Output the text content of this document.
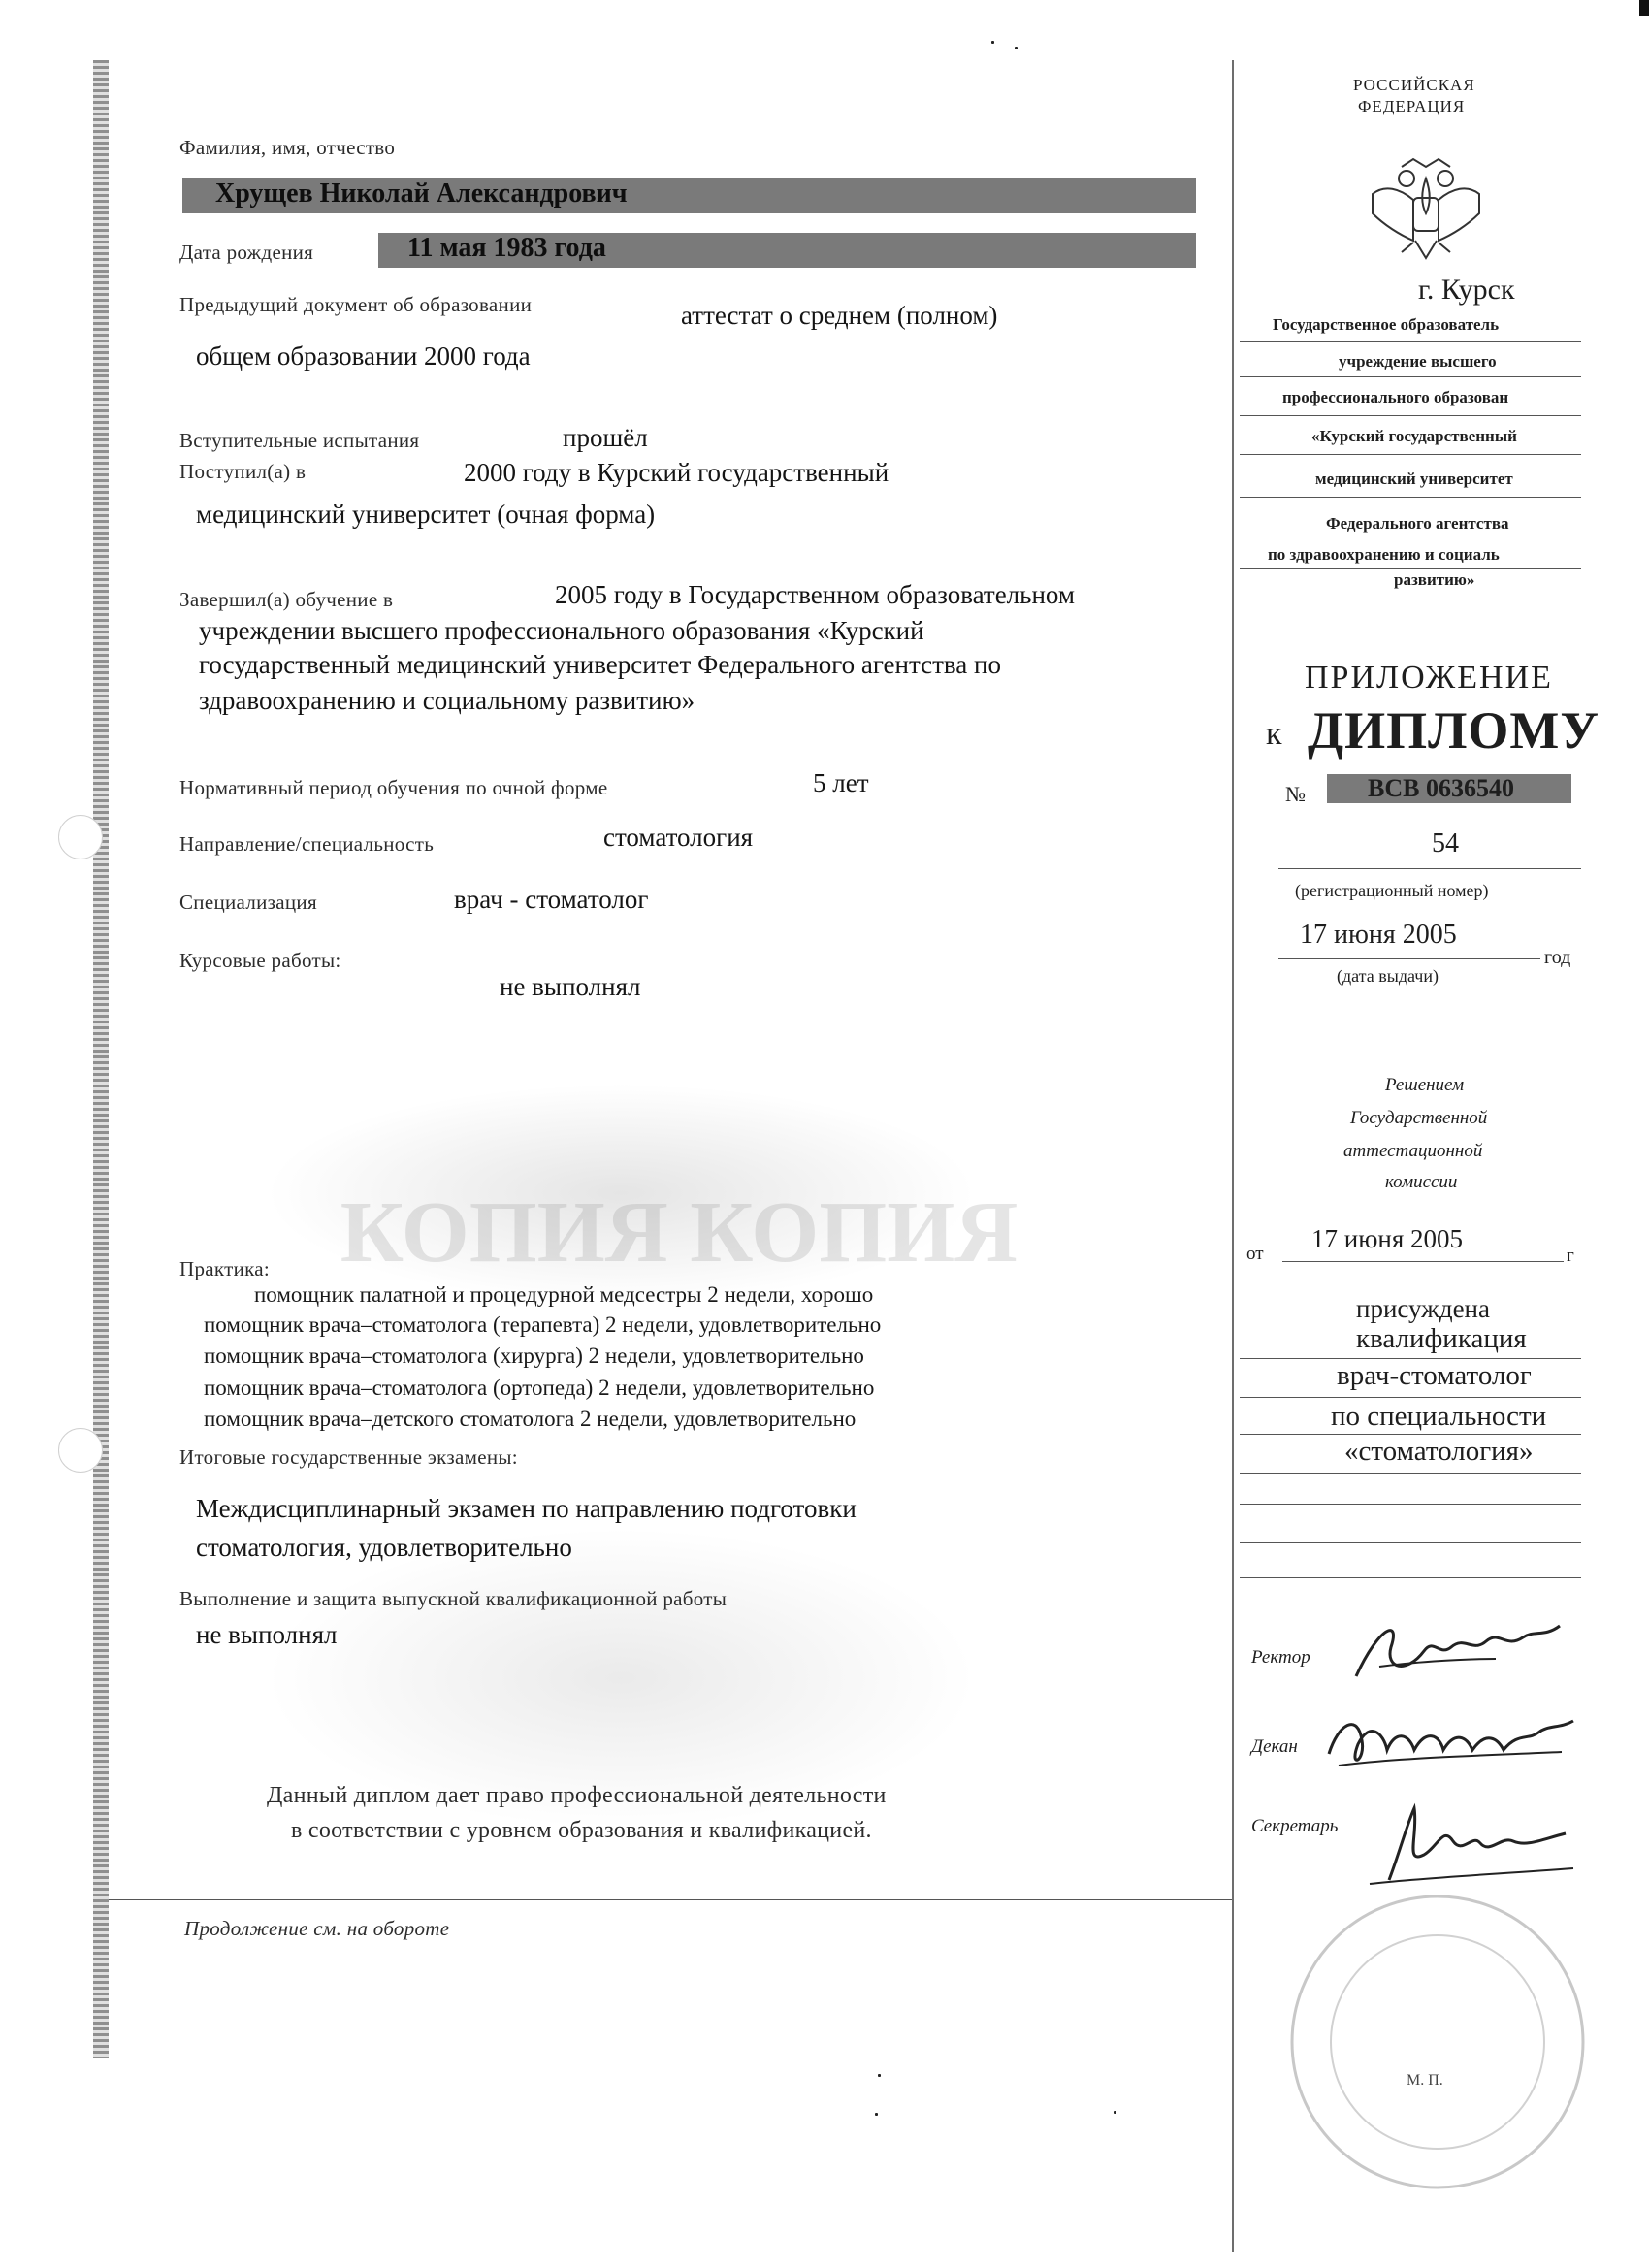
КОПИЯ КОПИЯ
Фамилия, имя, отчество
Хрущев Николай Александрович
Дата рождения	11 мая 1983 года
Предыдущий документ об образовании	аттестат о среднем (полном)
общем образовании 2000 года
Вступительные испытания	прошёл
Поступил(а) в	2000 году в Курский государственный
медицинский университет (очная форма)
Завершил(а) обучение в	2005 году в Государственном образовательном
учреждении высшего профессионального образования «Курский
государственный медицинский университет Федерального агентства по
здравоохранению и социальному развитию»
Нормативный период обучения по очной форме	5 лет
Направление/специальность	стоматология
Специализация	врач - стоматолог
Курсовые работы:
не выполнял
Практика:
помощник палатной и процедурной медсестры 2 недели, хорошо
помощник врача–стоматолога (терапевта) 2 недели, удовлетворительно
помощник врача–стоматолога (хирурга) 2 недели, удовлетворительно
помощник врача–стоматолога (ортопеда) 2 недели, удовлетворительно
помощник врача–детского стоматолога 2 недели, удовлетворительно
Итоговые государственные экзамены:
Междисциплинарный экзамен по направлению подготовки
стоматология, удовлетворительно
Выполнение и защита выпускной квалификационной работы
не выполнял
Данный диплом дает право профессиональной деятельности
в соответствии с уровнем образования и квалификацией.
Продолжение см. на обороте
РОССИЙСКАЯ
ФЕДЕРАЦИЯ
г. Курск
Государственное образователь
учреждение высшего
профессионального образован
«Курский государственный
медицинский университет
Федерального агентства
по здравоохранению и социаль
развитию»
ПРИЛОЖЕНИЕ
к ДИПЛОМУ
№ ВСВ 0636540
54
(регистрационный номер)
17 июня 2005
год
(дата выдачи)
Решением
Государственной
аттестационной
комиссии
от
17 июня 2005
г
присуждена
квалификация
врач-стоматолог
по специальности
«стоматология»
Ректор
Декан
Секретарь
М. П.
